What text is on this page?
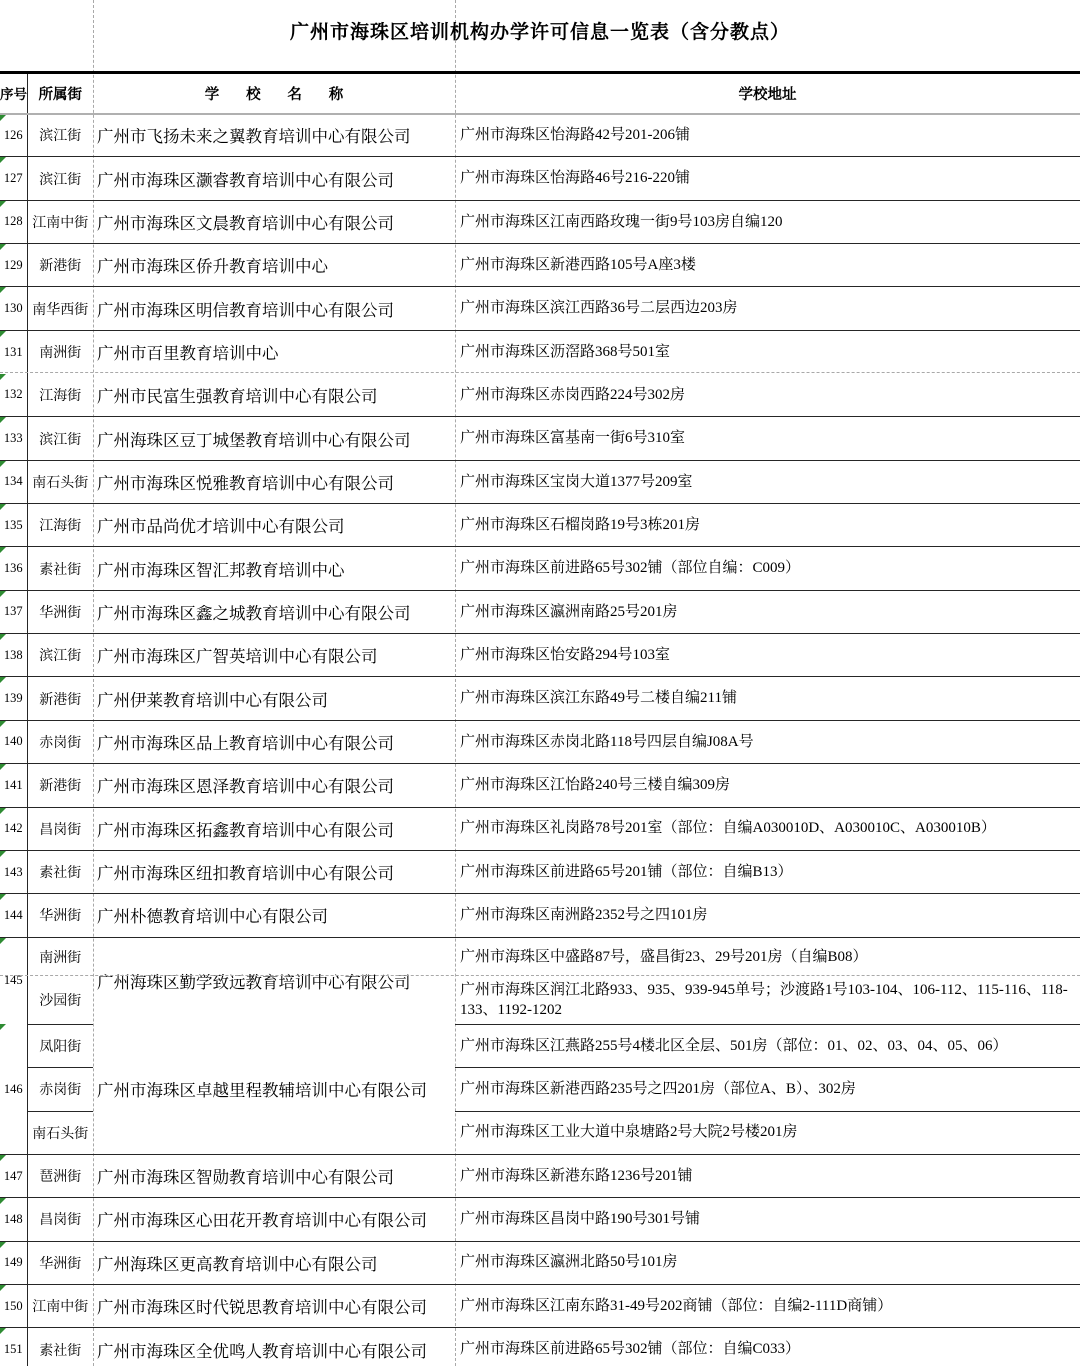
广州市海珠区培训机构办学许可信息一览表（含分教点）
序号	所属街	学校名称	学校地址

126	滨江街	广州市飞扬未来之翼教育培训中心有限公司	广州市海珠区怡海路42号201-206铺

127	滨江街	广州市海珠区灏睿教育培训中心有限公司	广州市海珠区怡海路46号216-220铺

128	江南中街	广州市海珠区文晨教育培训中心有限公司	广州市海珠区江南西路玫瑰一街9号103房自编120

129	新港街	广州市海珠区侨升教育培训中心	广州市海珠区新港西路105号A座3楼

130	南华西街	广州市海珠区明信教育培训中心有限公司	广州市海珠区滨江西路36号二层西边203房

131	南洲街	广州市百里教育培训中心	广州市海珠区沥滘路368号501室

132	江海街	广州市民富生强教育培训中心有限公司	广州市海珠区赤岗西路224号302房

133	滨江街	广州海珠区豆丁城堡教育培训中心有限公司	广州市海珠区富基南一街6号310室

134	南石头街	广州市海珠区悦雅教育培训中心有限公司	广州市海珠区宝岗大道1377号209室

135	江海街	广州市品尚优才培训中心有限公司	广州市海珠区石榴岗路19号3栋201房

136	素社街	广州市海珠区智汇邦教育培训中心	广州市海珠区前进路65号302铺（部位自编：C009）

137	华洲街	广州市海珠区鑫之城教育培训中心有限公司	广州市海珠区瀛洲南路25号201房

138	滨江街	广州市海珠区广智英培训中心有限公司	广州市海珠区怡安路294号103室

139	新港街	广州伊莱教育培训中心有限公司	广州市海珠区滨江东路49号二楼自编211铺

140	赤岗街	广州市海珠区品上教育培训中心有限公司	广州市海珠区赤岗北路118号四层自编J08A号

141	新港街	广州市海珠区恩泽教育培训中心有限公司	广州市海珠区江怡路240号三楼自编309房

142	昌岗街	广州市海珠区拓鑫教育培训中心有限公司	广州市海珠区礼岗路78号201室（部位：自编A030010D、A030010C、A030010B）

143	素社街	广州市海珠区纽扣教育培训中心有限公司	广州市海珠区前进路65号201铺（部位：自编B13）

144	华洲街	广州朴德教育培训中心有限公司	广州市海珠区南洲路2352号之四101房

145	南洲街	广州海珠区勤学致远教育培训中心有限公司	广州市海珠区中盛路87号，盛昌街23、29号201房（自编B08）
	沙园街		广州市海珠区润江北路933、935、939-945单号；沙渡路1号103-104、106-112、115-116、118-133、1192-1202

146	凤阳街	广州市海珠区卓越里程教辅培训中心有限公司	广州市海珠区江燕路255号4楼北区全层、501房（部位：01、02、03、04、05、06）
	赤岗街		广州市海珠区新港西路235号之四201房（部位A、B）、302房
	南石头街		广州市海珠区工业大道中泉塘路2号大院2号楼201房

147	琶洲街	广州市海珠区智勋教育培训中心有限公司	广州市海珠区新港东路1236号201铺

148	昌岗街	广州市海珠区心田花开教育培训中心有限公司	广州市海珠区昌岗中路190号301号铺

149	华洲街	广州海珠区更高教育培训中心有限公司	广州市海珠区瀛洲北路50号101房

150	江南中街	广州市海珠区时代锐思教育培训中心有限公司	广州市海珠区江南东路31-49号202商铺（部位：自编2-111D商铺）

151	素社街	广州市海珠区全优鸣人教育培训中心有限公司	广州市海珠区前进路65号302铺（部位：自编C033）
